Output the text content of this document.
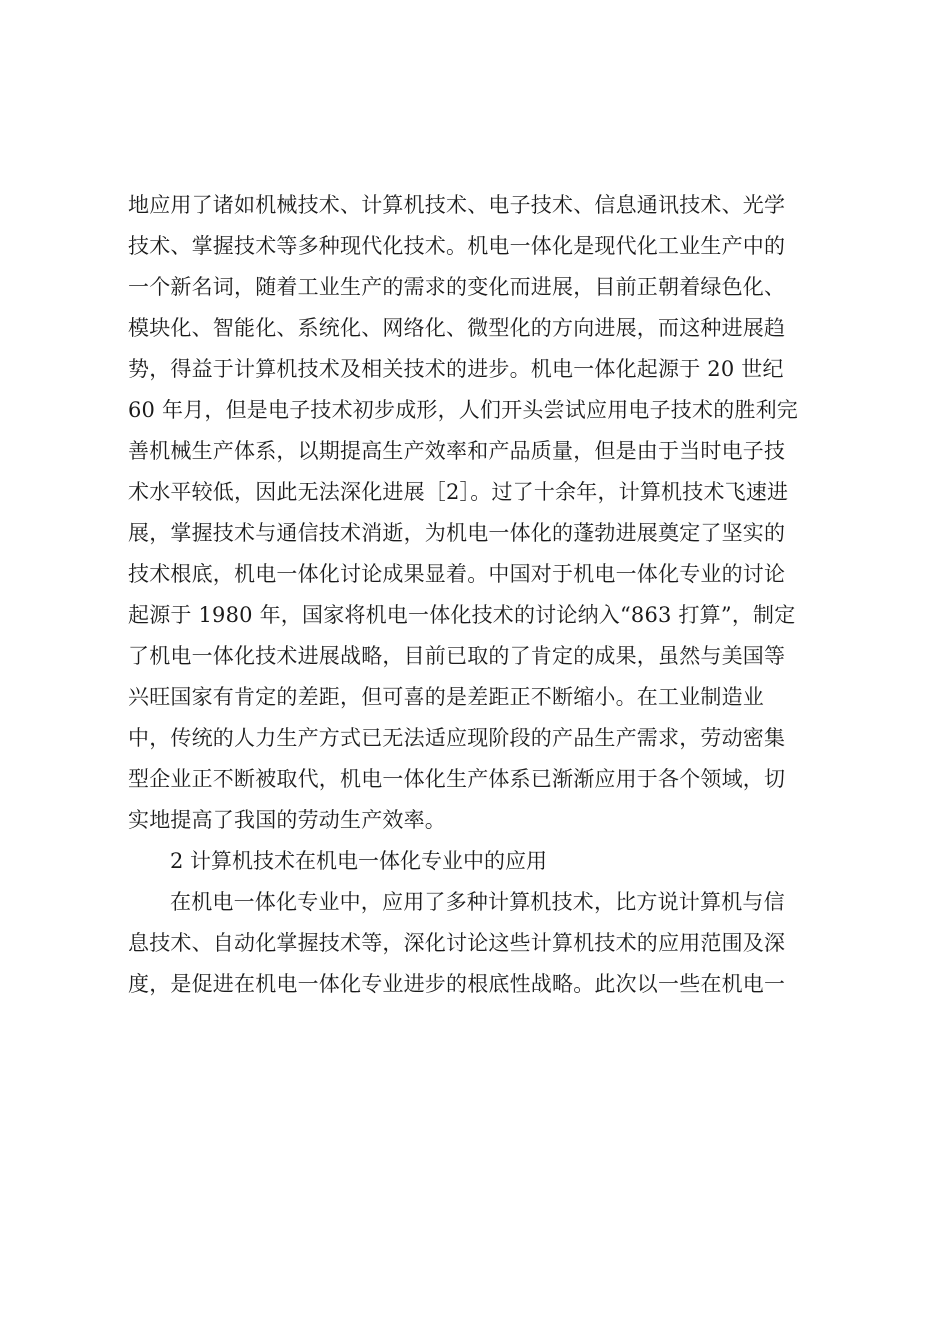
地应用了诸如机械技术、计算机技术、电子技术、信息通讯技术、光学
技术、掌握技术等多种现代化技术。机电一体化是现代化工业生产中的
一个新名词，随着工业生产的需求的变化而进展，目前正朝着绿色化、
模块化、智能化、系统化、网络化、微型化的方向进展，而这种进展趋
势，得益于计算机技术及相关技术的进步。机电一体化起源于 20 世纪
60 年月，但是电子技术初步成形，人们开头尝试应用电子技术的胜利完
善机械生产体系，以期提高生产效率和产品质量，但是由于当时电子技
术水平较低，因此无法深化进展［2］。过了十余年，计算机技术飞速进
展，掌握技术与通信技术消逝，为机电一体化的蓬勃进展奠定了坚实的
技术根底，机电一体化讨论成果显着。中国对于机电一体化专业的讨论
起源于 1980 年，国家将机电一体化技术的讨论纳入“863 打算”，制定
了机电一体化技术进展战略，目前已取的了肯定的成果，虽然与美国等
兴旺国家有肯定的差距，但可喜的是差距正不断缩小。在工业制造业
中，传统的人力生产方式已无法适应现阶段的产品生产需求，劳动密集
型企业正不断被取代，机电一体化生产体系已渐渐应用于各个领域，切
实地提高了我国的劳动生产效率。

2 计算机技术在机电一体化专业中的应用

在机电一体化专业中，应用了多种计算机技术，比方说计算机与信
息技术、自动化掌握技术等，深化讨论这些计算机技术的应用范围及深
度，是促进在机电一体化专业进步的根底性战略。此次以一些在机电一
